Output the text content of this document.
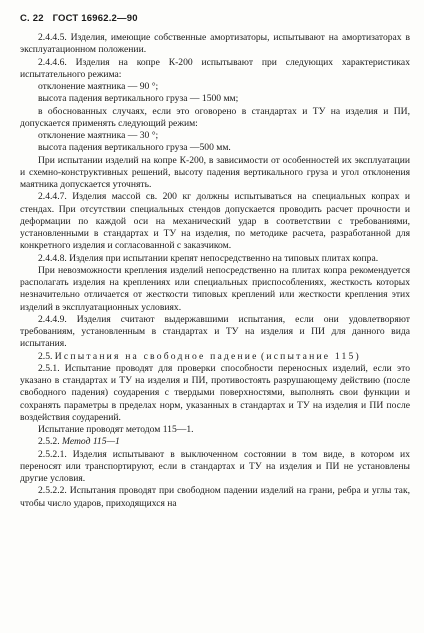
С. 22 ГОСТ 16962.2—90

2.4.4.5. Изделия, имеющие собственные амортизаторы, испытывают на амортизаторах в эксплуатационном положении.

2.4.4.6. Изделия на копре К-200 испытывают при следующих характеристиках испытательного режима:

отклонение маятника — 90 °;

высота падения вертикального груза — 1500 мм;

в обоснованных случаях, если это оговорено в стандартах и ТУ на изделия и ПИ, допускается применять следующий режим:

отклонение маятника — 30 °;

высота падения вертикального груза —500 мм.

При испытании изделий на копре К-200, в зависимости от особенностей их эксплуатации и схемно-конструктивных решений, высоту падения вертикального груза и угол отклонения маятника допускается уточнять.

2.4.4.7. Изделия массой св. 200 кг должны испытываться на специальных копрах и стендах. При отсутствии специальных стендов допускается проводить расчет прочности и деформации по каждой оси на механический удар в соответствии с требованиями, установленными в стандартах и ТУ на изделия, по методике расчета, разработанной для конкретного изделия и согласованной с заказчиком.

2.4.4.8. Изделия при испытании крепят непосредственно на типовых плитах копра.

При невозможности крепления изделий непосредственно на плитах копра рекомендуется располагать изделия на креплениях или специальных приспособлениях, жесткость которых незначительно отличается от жесткости типовых креплений или жесткости крепления этих изделий в эксплуатационных условиях.

2.4.4.9. Изделия считают выдержавшими испытания, если они удовлетворяют требованиям, установленным в стандартах и ТУ на изделия и ПИ для данного вида испытания.

2.5. Испытания на свободное падение (испытание 115)

2.5.1. Испытание проводят для проверки способности переносных изделий, если это указано в стандартах и ТУ на изделия и ПИ, противостоять разрушающему действию (после свободного падения) соударения с твердыми поверхностями, выполнять свои функции и сохранять параметры в пределах норм, указанных в стандартах и ТУ на изделия и ПИ после воздействия соударений.

Испытание проводят методом 115—1.

2.5.2. Метод 115—1

2.5.2.1. Изделия испытывают в выключенном состоянии в том виде, в котором их переносят или транспортируют, если в стандартах и ТУ на изделия и ПИ не установлены другие условия.

2.5.2.2. Испытания проводят при свободном падении изделий на грани, ребра и углы так, чтобы число ударов, приходящихся на
